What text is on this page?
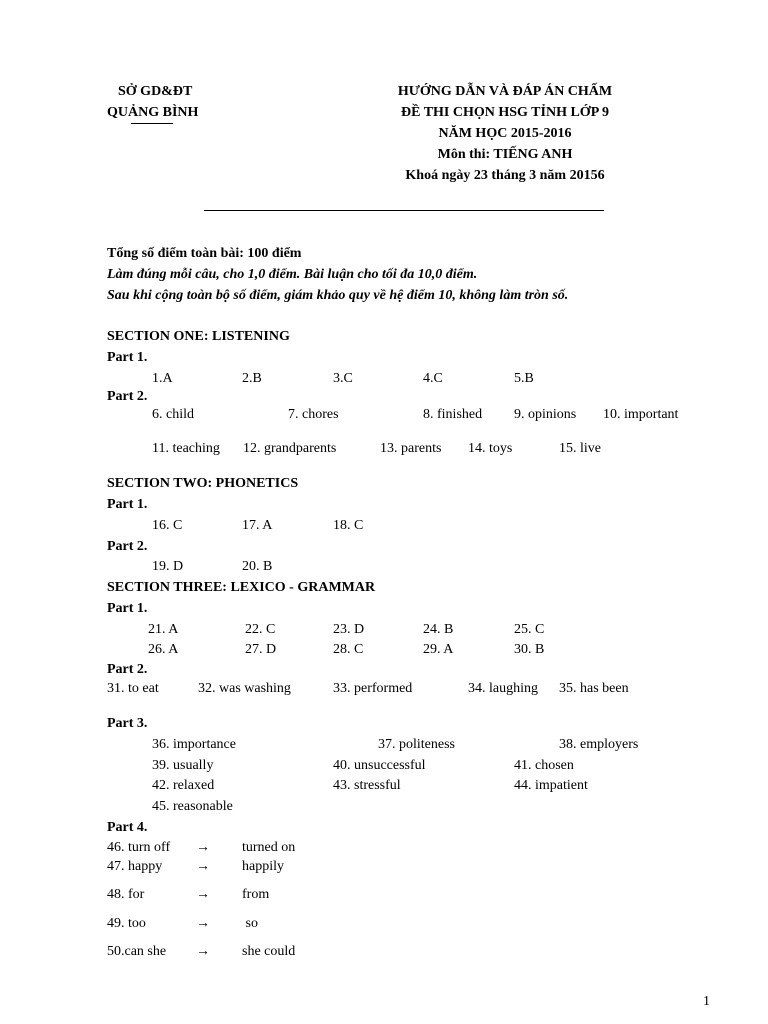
SỞ GD&ĐT
QUẢNG BÌNH
HƯỚNG DẪN VÀ ĐÁP ÁN CHẤM
ĐỀ THI CHỌN HSG TỈNH LỚP 9
NĂM HỌC 2015-2016
Môn thi: TIẾNG ANH
Khoá ngày 23 tháng 3 năm 20156
Tổng số điểm toàn bài: 100 điểm
Làm đúng mỗi câu, cho 1,0 điểm. Bài luận cho tối đa 10,0 điểm.
Sau khi cộng toàn bộ số điểm, giám khảo quy về hệ điểm 10, không làm tròn số.
SECTION ONE: LISTENING
Part 1.
1.A	2.B	3.C	4.C	5.B
Part 2.
6. child	7. chores	8. finished 9. opinions 10. important
11. teaching 12. grandparents	13. parents 14. toys	15. live
SECTION TWO: PHONETICS
Part 1.
16. C	17. A	18. C
Part 2.
19. D	20. B
SECTION THREE: LEXICO - GRAMMAR
Part 1.
21. A	22. C	23. D	24. B	25. C
26. A	27. D	28. C	29. A	30. B
Part 2.
31. to eat	32. was washing	33. performed	34. laughing 35. has been
Part 3.
36. importance	37. politeness	38. employers
39. usually	40. unsuccessful	41. chosen
42. relaxed	43. stressful	44. impatient
45. reasonable
Part 4.
46. turn off → turned on
47. happy → happily
48. for	→ from
49. too	→ so
50.can she → she could
1
